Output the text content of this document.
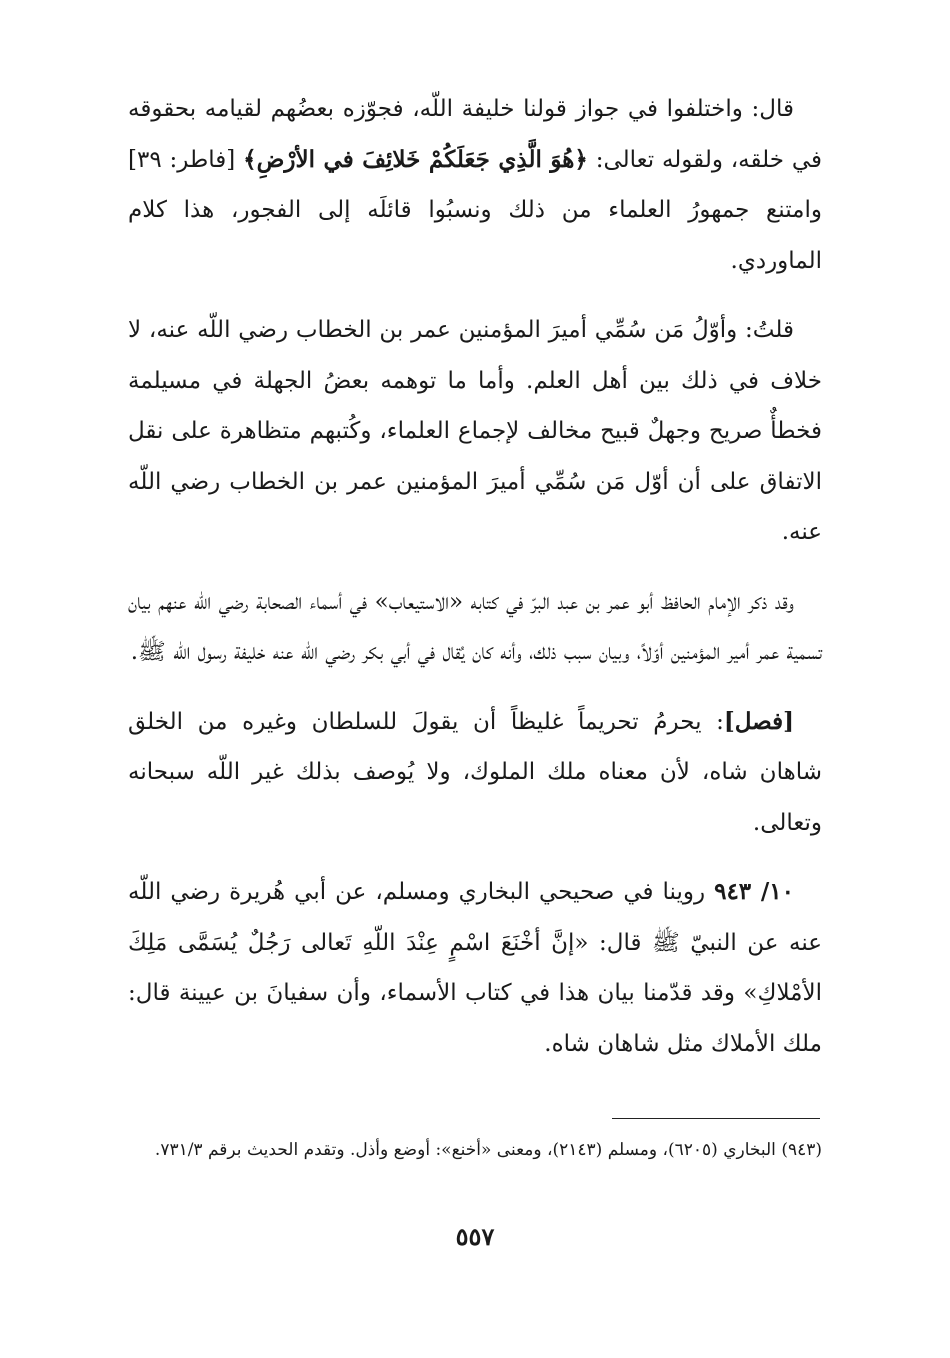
قال: واختلفوا في جواز قولنا خليفة اللّه، فجوّزه بعضُهم لقيامه بحقوقه في خلقه، ولقوله تعالى: ﴿هُوَ الَّذِي جَعَلَكُمْ خَلائِفَ في الأرْضِ﴾ [فاطر: ٣٩] وامتنع جمهورُ العلماء من ذلك ونسبُوا قائلَه إلى الفجور، هذا كلام الماوردي.

قلتُ: وأوّلُ مَن سُمِّي أميرَ المؤمنين عمر بن الخطاب رضي اللّه عنه، لا خلاف في ذلك بين أهل العلم. وأما ما توهمه بعضُ الجهلة في مسيلمة فخطأٌ صريح وجهلٌ قبيح مخالف لإجماع العلماء، وكُتبهم متظاهرة على نقل الاتفاق على أن أوّل مَن سُمِّي أميرَ المؤمنين عمر بن الخطاب رضي اللّه عنه.

وقد ذكر الإمام الحافظ أبو عمر بن عبد البرّ في كتابه «الاستيعاب» في أسماء الصحابة رضي اللّه عنهم بيان تسمية عمر أمير المؤمنين أوّلاً، وبيان سبب ذلك، وأنه كان يُقال في أبي بكر رضي اللّه عنه خليفة رسول اللّه ﷺ.

[فصل]: يحرمُ تحريماً غليظاً أن يقولَ للسلطان وغيره من الخلق شاهان شاه، لأن معناه ملك الملوك، ولا يُوصف بذلك غير اللّه سبحانه وتعالى.

١٠/ ٩٤٣ روينا في صحيحي البخاري ومسلم، عن أبي هُريرة رضي اللّه عنه عن النبيّ ﷺ قال: «إنَّ أخْنَعَ اسْمٍ عِنْدَ اللّهِ تَعالى رَجُلٌ يُسَمَّى مَلِكَ الأمْلاكِ» وقد قدّمنا بيان هذا في كتاب الأسماء، وأن سفيانَ بن عيينة قال: ملك الأملاك مثل شاهان شاه.

(٩٤٣) البخاري (٦٢٠٥)، ومسلم (٢١٤٣)، ومعنى «أخنع»: أوضع وأذل. وتقدم الحديث برقم ٧٣١/٣.
٥٥٧
